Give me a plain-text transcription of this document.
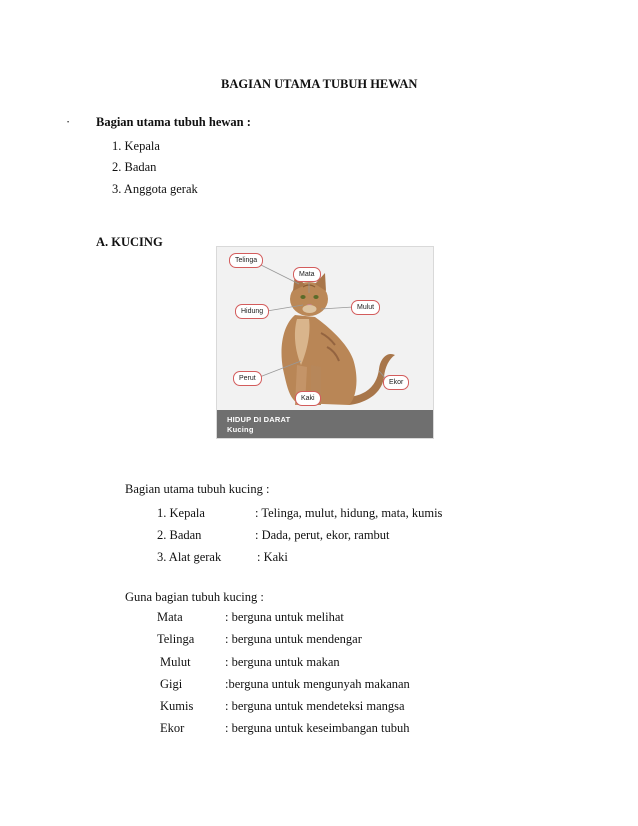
BAGIAN UTAMA TUBUH HEWAN
· Bagian utama tubuh hewan :
1. Kepala
2. Badan
3. Anggota gerak
A. KUCING
Telinga
Mata
Hidung
Mulut
Perut
Ekor
Kaki
HIDUP DI DARAT
Kucing
Bagian utama tubuh kucing :
1. Kepala	: Telinga, mulut, hidung, mata, kumis
2. Badan	: Dada, perut, ekor, rambut
3. Alat gerak	: Kaki
Guna bagian tubuh kucing :
Mata	: berguna untuk melihat
Telinga : berguna untuk mendengar
Mulut	: berguna untuk makan
Gigi	:berguna untuk mengunyah makanan
Kumis	: berguna untuk mendeteksi mangsa
Ekor	: berguna untuk keseimbangan tubuh
